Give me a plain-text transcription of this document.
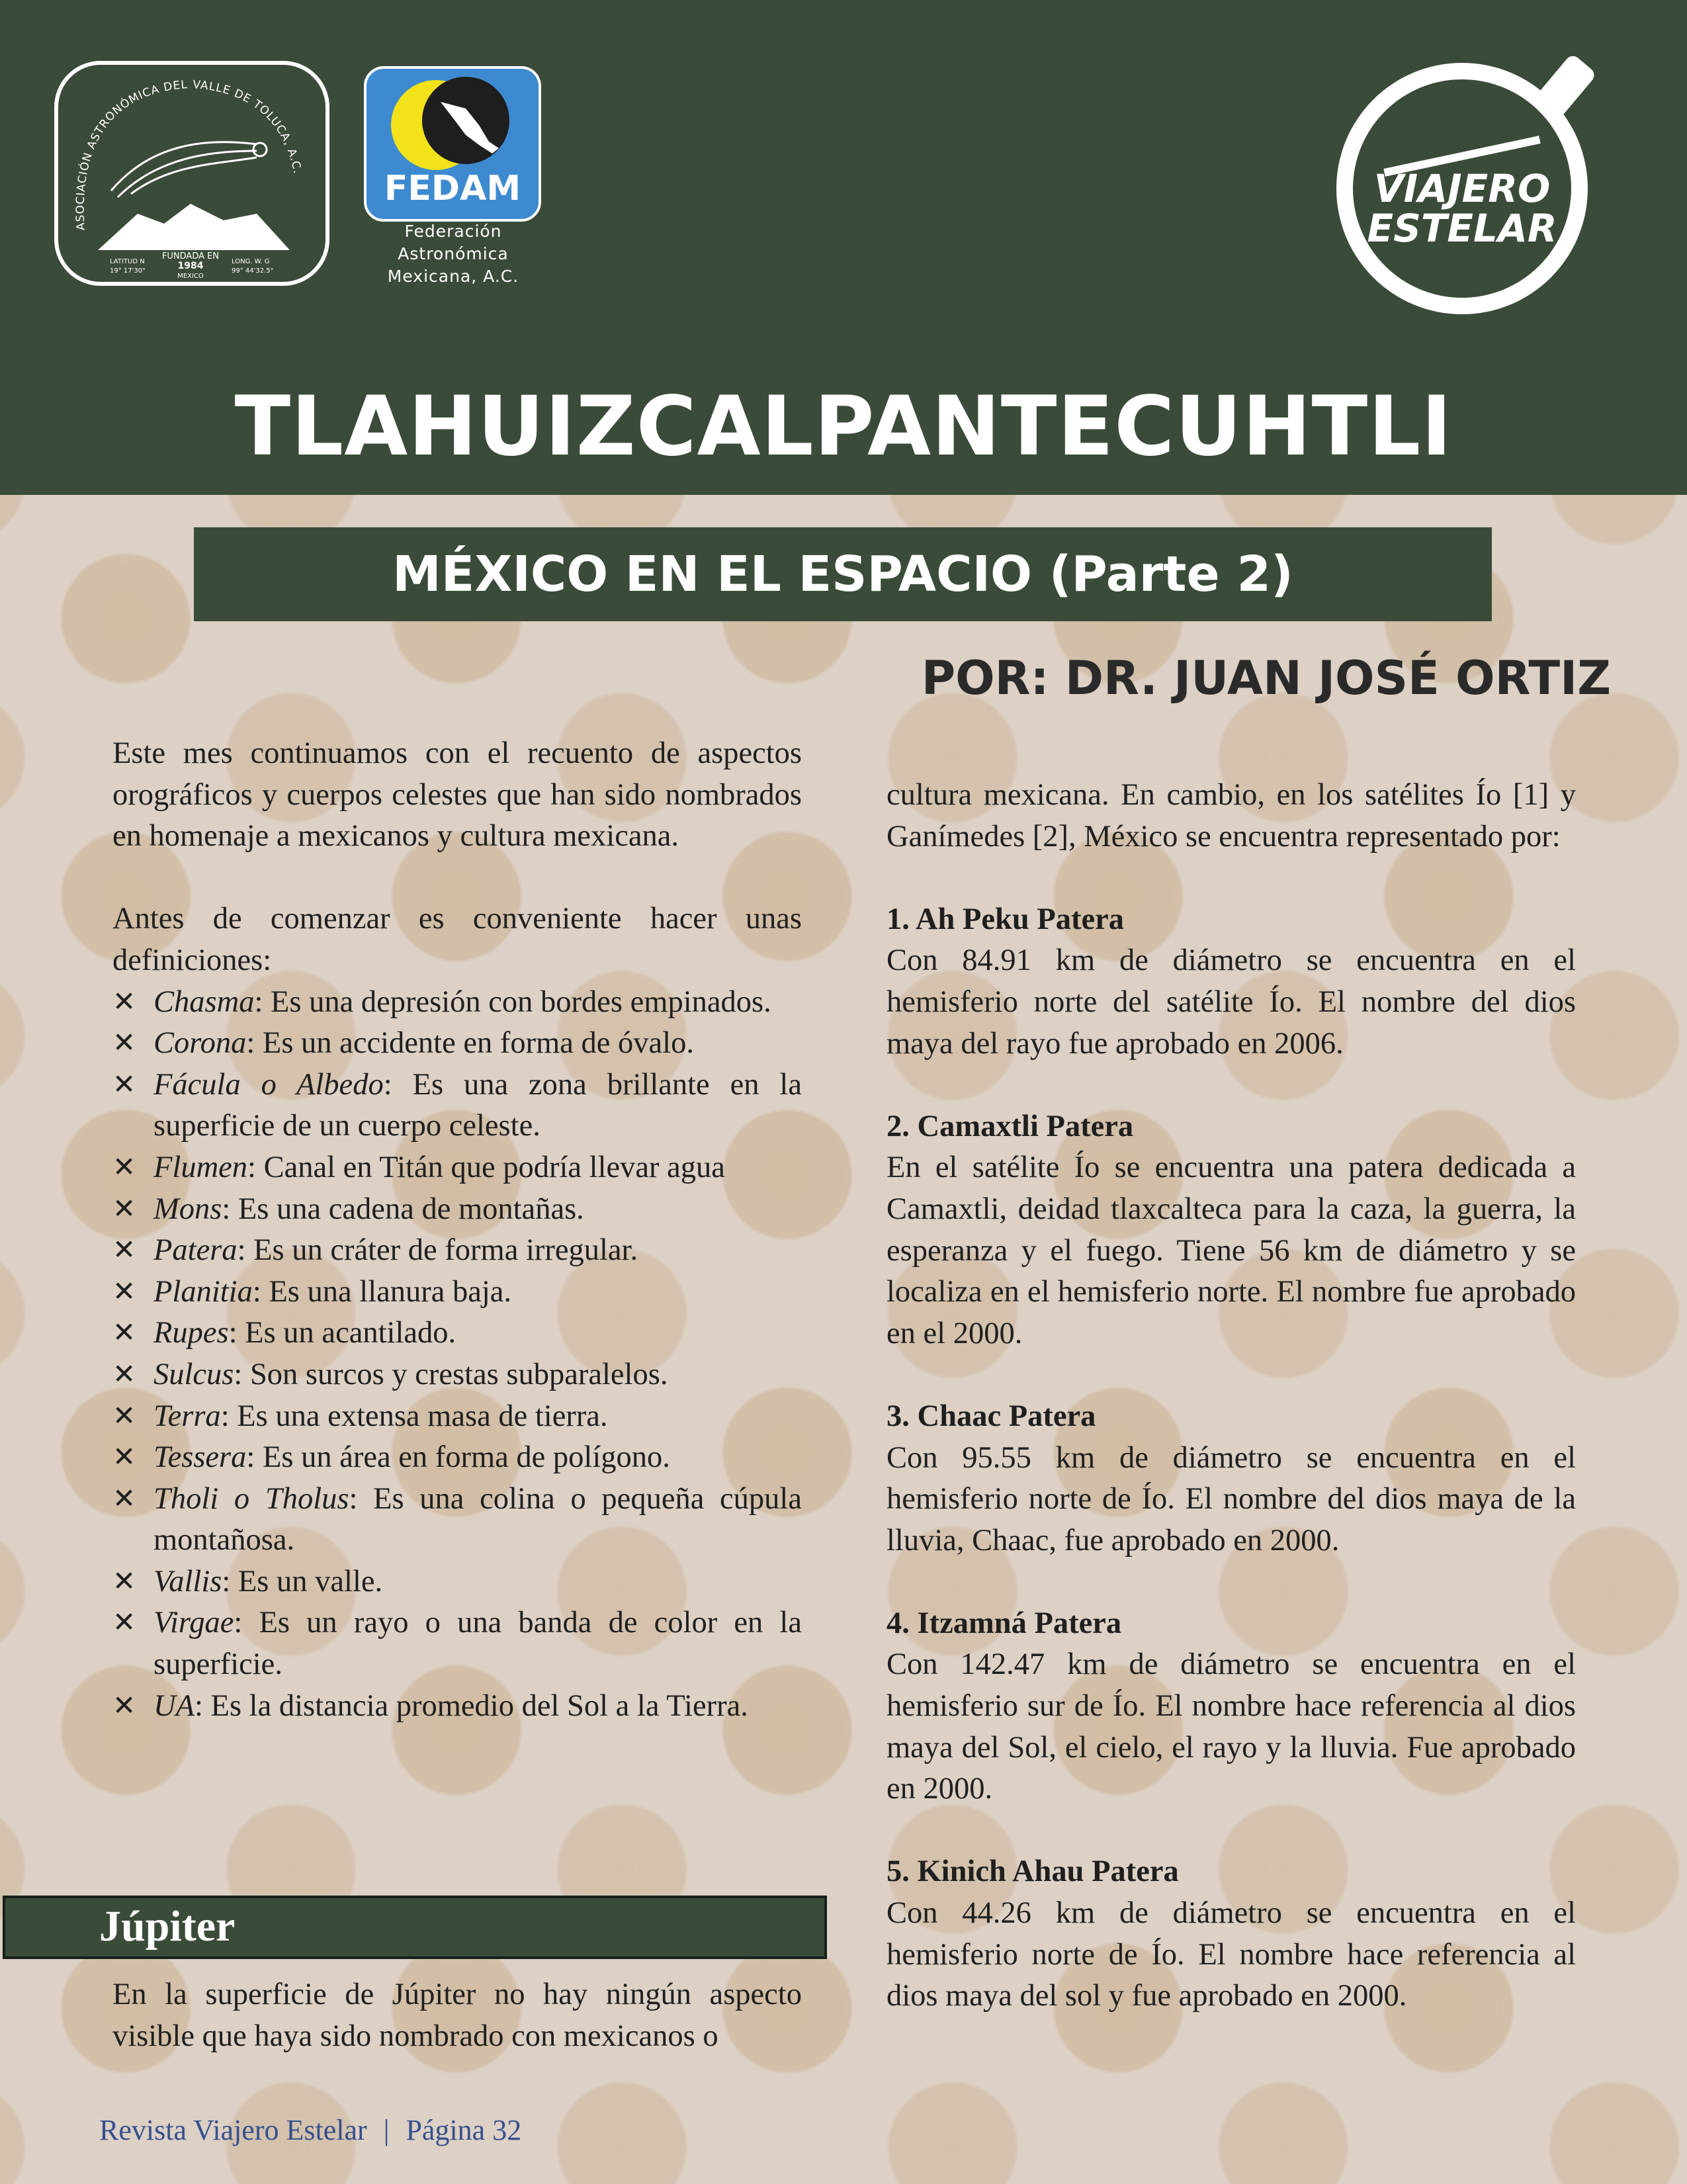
ASOCIACIÓN ASTRONÓMICA DEL VALLE DE TOLUCA, A.C.
FUNDADA EN
1984
MEXICO
LATITUD N
19° 17'30"
LONG. W. G
99° 44'32.5"
FEDAM
Federación
Astronómica
Mexicana, A.C.
VIAJERO
ESTELAR
TLAHUIZCALPANTECUHTLI
MÉXICO EN EL ESPACIO (Parte 2)
POR: DR. JUAN JOSÉ ORTIZ

Este mes continuamos con el recuento de aspectos orográficos y cuerpos celestes que han sido nombrados en homenaje a mexicanos y cultura mexicana.

Antes de comenzar es conveniente hacer unas definiciones:

✕ Chasma: Es una depresión con bordes empinados.
✕ Corona: Es un accidente en forma de óvalo.
✕ Fácula o Albedo: Es una zona brillante en la superficie de un cuerpo celeste.
✕ Flumen: Canal en Titán que podría llevar agua
✕ Mons: Es una cadena de montañas.
✕ Patera: Es un cráter de forma irregular.
✕ Planitia: Es una llanura baja.
✕ Rupes: Es un acantilado.
✕ Sulcus: Son surcos y crestas subparalelos.
✕ Terra: Es una extensa masa de tierra.
✕ Tessera: Es un área en forma de polígono.
✕ Tholi o Tholus: Es una colina o pequeña cúpula montañosa.
✕ Vallis: Es un valle.
✕ Virgae: Es un rayo o una banda de color en la superficie.
✕ UA: Es la distancia promedio del Sol a la Tierra.
Júpiter

En la superficie de Júpiter no hay ningún aspecto visible que haya sido nombrado con mexicanos o

cultura mexicana. En cambio, en los satélites Ío [1] y Ganímedes [2], México se encuentra representado por:

1. Ah Peku Patera

Con 84.91 km de diámetro se encuentra en el hemisferio norte del satélite Ío. El nombre del dios maya del rayo fue aprobado en 2006.

2. Camaxtli Patera

En el satélite Ío se encuentra una patera dedicada a Camaxtli, deidad tlaxcalteca para la caza, la guerra, la esperanza y el fuego. Tiene 56 km de diámetro y se localiza en el hemisferio norte. El nombre fue aprobado en el 2000.

3. Chaac Patera

Con 95.55 km de diámetro se encuentra en el hemisferio norte de Ío. El nombre del dios maya de la lluvia, Chaac, fue aprobado en 2000.

4. Itzamná Patera

Con 142.47 km de diámetro se encuentra en el hemisferio sur de Ío. El nombre hace referencia al dios maya del Sol, el cielo, el rayo y la lluvia. Fue aprobado en 2000.

5. Kinich Ahau Patera

Con 44.26 km de diámetro se encuentra en el hemisferio norte de Ío. El nombre hace referencia al dios maya del sol y fue aprobado en 2000.

Revista Viajero Estelar | Página 32
